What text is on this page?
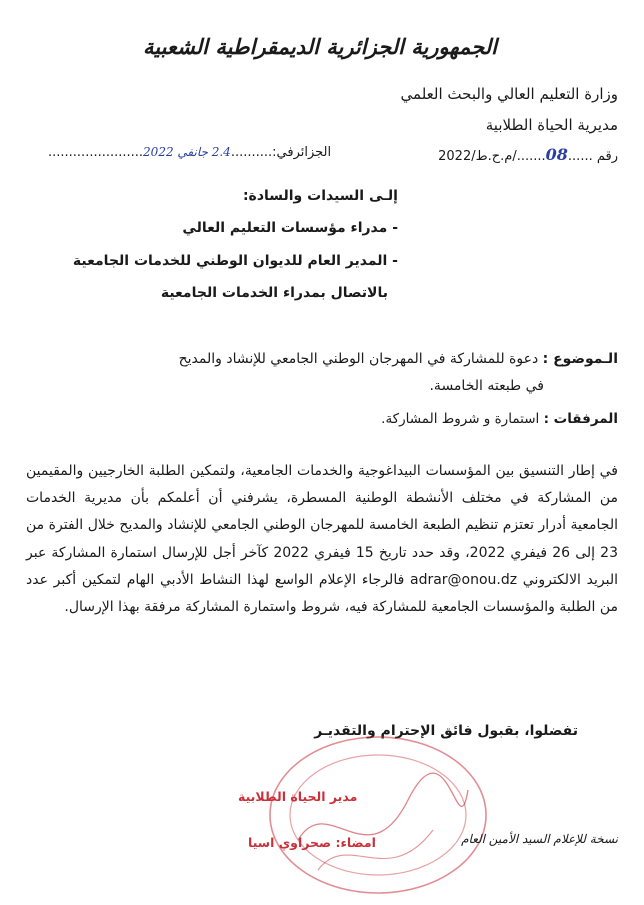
الجمهورية الجزائرية الديمقراطية الشعبية
وزارة التعليم العالي والبحث العلمي
مديرية الحياة الطلابية
رقم ......08......./م.ح.ط/2022
الجزائرفي:..........2.4 جانفي 2022.......................
إلـى السيدات والسادة:
- مدراء مؤسسات التعليم العالي
- المدير العام للديوان الوطني للخدمات الجامعية
بالاتصال بمدراء الخدمات الجامعية
الـموضوع : دعوة للمشاركة في المهرجان الوطني الجامعي للإنشاد والمديح
في طبعته الخامسة.
المرفقات : استمارة و شروط المشاركة.

في إطار التنسيق بين المؤسسات البيداغوجية والخدمات الجامعية، ولتمكين الطلبة الخارجيين والمقيمين من المشاركة في مختلف الأنشطة الوطنية المسطرة، يشرفني أن أعلمكم بأن مديرية الخدمات الجامعية أدرار تعتزم تنظيم الطبعة الخامسة للمهرجان الوطني الجامعي للإنشاد والمديح خلال الفترة من 23 إلى 26 فيفري 2022، وقد حدد تاريخ 15 فيفري 2022 كآخر أجل للإرسال استمارة المشاركة عبر البريد الالكتروني adrar@onou.dz فالرجاء الإعلام الواسع لهذا النشاط الأدبي الهام لتمكين أكبر عدد من الطلبة والمؤسسات الجامعية للمشاركة فيه، شروط واستمارة المشاركة مرفقة بهذا الإرسال.

تفضلوا، بقبول فائق الإحترام والتقديـر
مدير الحياة الطلابية
امضاء: صحراوي اسيا	نسخة للإعلام السيد الأمين العام
